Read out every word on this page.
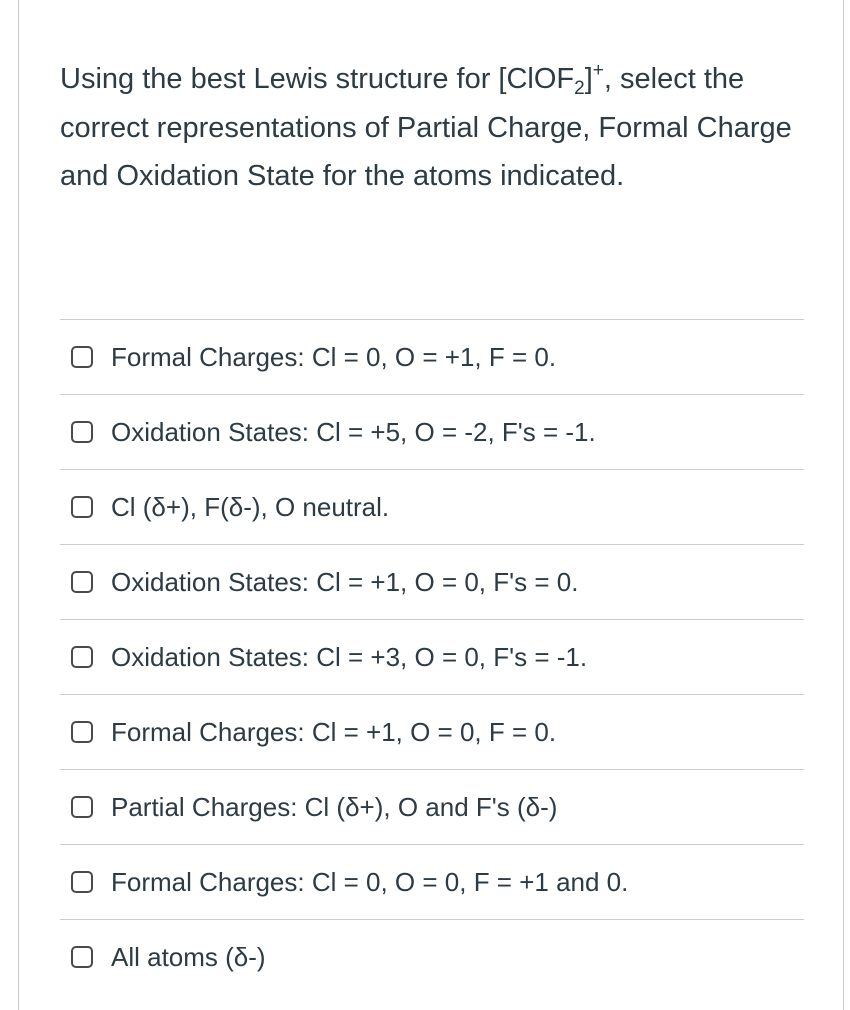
Using the best Lewis structure for [ClOF$_2$]+, select the correct representations of Partial Charge, Formal Charge and Oxidation State for the atoms indicated.
Formal Charges: Cl = 0, O = +1, F = 0.
Oxidation States: Cl = +5, O = -2, F's = -1.
Cl (δ+), F(δ-), O neutral.
Oxidation States: Cl = +1, O = 0, F's = 0.
Oxidation States: Cl = +3, O = 0, F's = -1.
Formal Charges: Cl = +1, O = 0, F = 0.
Partial Charges: Cl (δ+), O and F's (δ-)
Formal Charges: Cl = 0, O = 0, F = +1 and 0.
All atoms (δ-)
